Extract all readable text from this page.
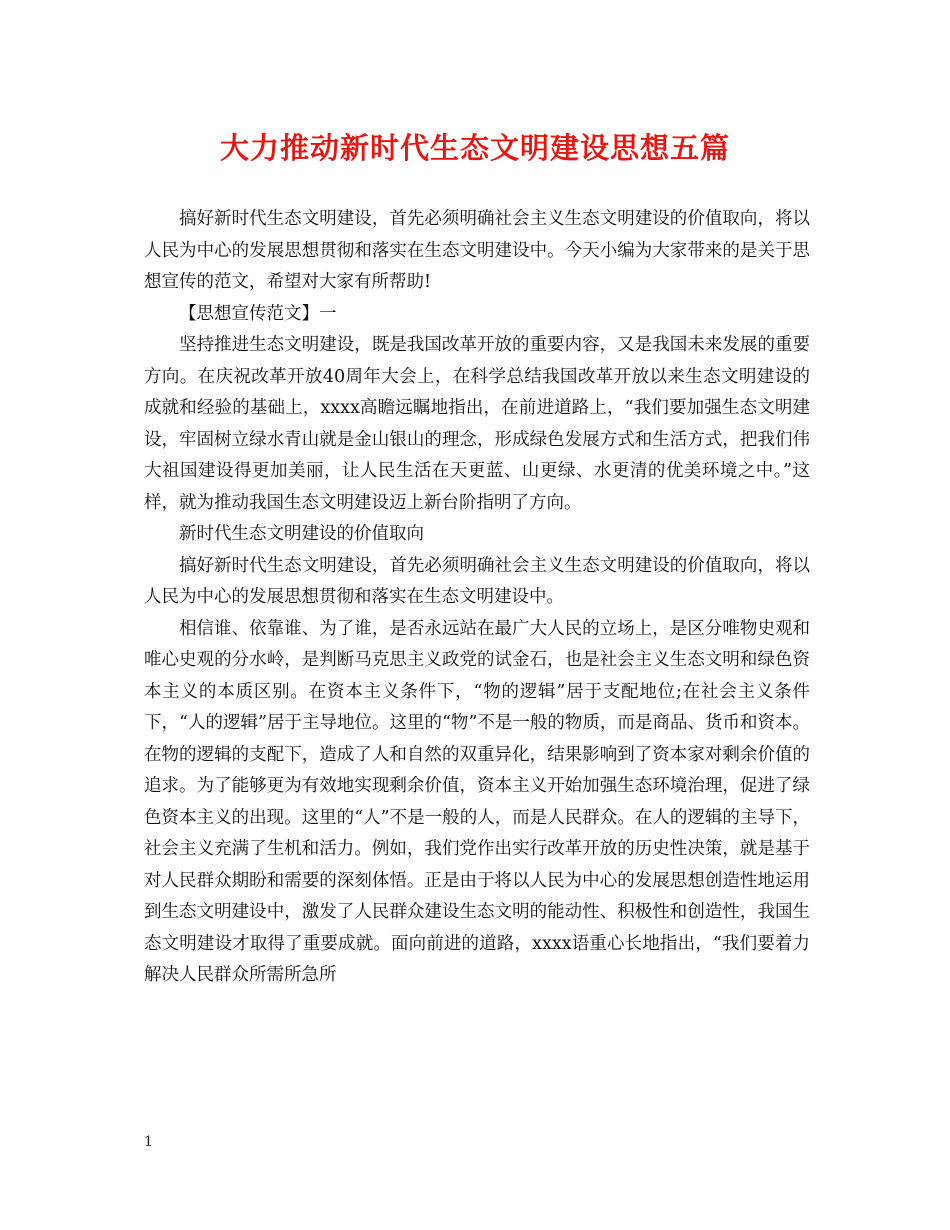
大力推动新时代生态文明建设思想五篇

搞好新时代生态文明建设，首先必须明确社会主义生态文明建设的价值取向，将以人民为中心的发展思想贯彻和落实在生态文明建设中。今天小编为大家带来的是关于思想宣传的范文，希望对大家有所帮助!

【思想宣传范文】一

坚持推进生态文明建设，既是我国改革开放的重要内容，又是我国未来发展的重要方向。在庆祝改革开放40周年大会上，在科学总结我国改革开放以来生态文明建设的成就和经验的基础上，xxxx高瞻远瞩地指出，在前进道路上，“我们要加强生态文明建设，牢固树立绿水青山就是金山银山的理念，形成绿色发展方式和生活方式，把我们伟大祖国建设得更加美丽，让人民生活在天更蓝、山更绿、水更清的优美环境之中。”这样，就为推动我国生态文明建设迈上新台阶指明了方向。

新时代生态文明建设的价值取向

搞好新时代生态文明建设，首先必须明确社会主义生态文明建设的价值取向，将以人民为中心的发展思想贯彻和落实在生态文明建设中。

相信谁、依靠谁、为了谁，是否永远站在最广大人民的立场上，是区分唯物史观和唯心史观的分水岭，是判断马克思主义政党的试金石，也是社会主义生态文明和绿色资本主义的本质区别。在资本主义条件下，“物的逻辑”居于支配地位;在社会主义条件下，“人的逻辑”居于主导地位。这里的“物”不是一般的物质，而是商品、货币和资本。在物的逻辑的支配下，造成了人和自然的双重异化，结果影响到了资本家对剩余价值的追求。为了能够更为有效地实现剩余价值，资本主义开始加强生态环境治理，促进了绿色资本主义的出现。这里的“人”不是一般的人，而是人民群众。在人的逻辑的主导下，社会主义充满了生机和活力。例如，我们党作出实行改革开放的历史性决策，就是基于对人民群众期盼和需要的深刻体悟。正是由于将以人民为中心的发展思想创造性地运用到生态文明建设中，激发了人民群众建设生态文明的能动性、积极性和创造性，我国生态文明建设才取得了重要成就。面向前进的道路，xxxx语重心长地指出，“我们要着力解决人民群众所需所急所

1
